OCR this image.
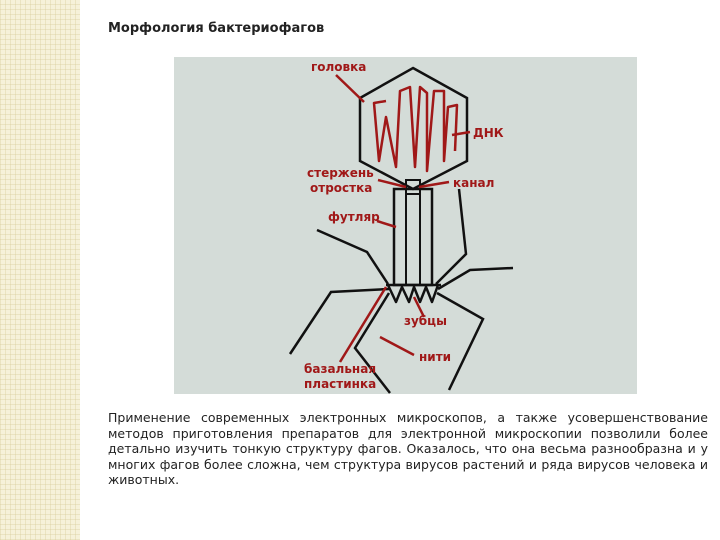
Морфология бактериофагов
головка
ДНК
стержень
отростка	канал
футляр
зубцы
нити
базальная
пластинка
Применение современных электронных микроскопов, а также усовершенствование методов приготовления препаратов для электронной микроскопии позволили более детально изучить тонкую структуру фагов. Оказалось, что она весьма разнообразна и у многих фагов более сложна, чем структура вирусов растений и ряда вирусов человека и животных.
